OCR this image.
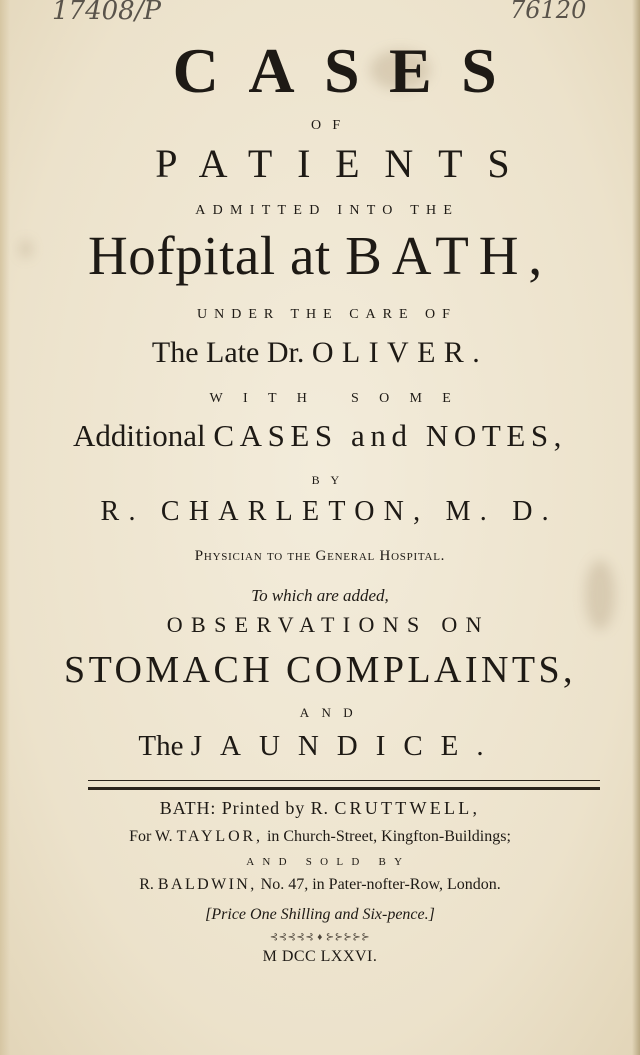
17408/P	76120

CASES

OF

PATIENTS

ADMITTED INTO THE

Hofpital at BATH,

UNDER THE CARE OF

The Late Dr. OLIVER.

WITH SOME

Additional CASES and NOTES,

BY

R. CHARLETON, M. D.

Physician to the General Hospital.

To which are added,

OBSERVATIONS ON

STOMACH COMPLAINTS,

AND

The JAUNDICE.

BATH: Printed by R. CRUTTWELL,

For W. TAYLOR, in Church-Street, Kingfton-Buildings;

AND SOLD BY

R. BALDWIN, No. 47, in Pater-nofter-Row, London.

[Price One Shilling and Six-pence.]

⊰⊰⊰⊰⊰ ♦ ⊱⊱⊱⊱⊱

M DCC LXXVI.
